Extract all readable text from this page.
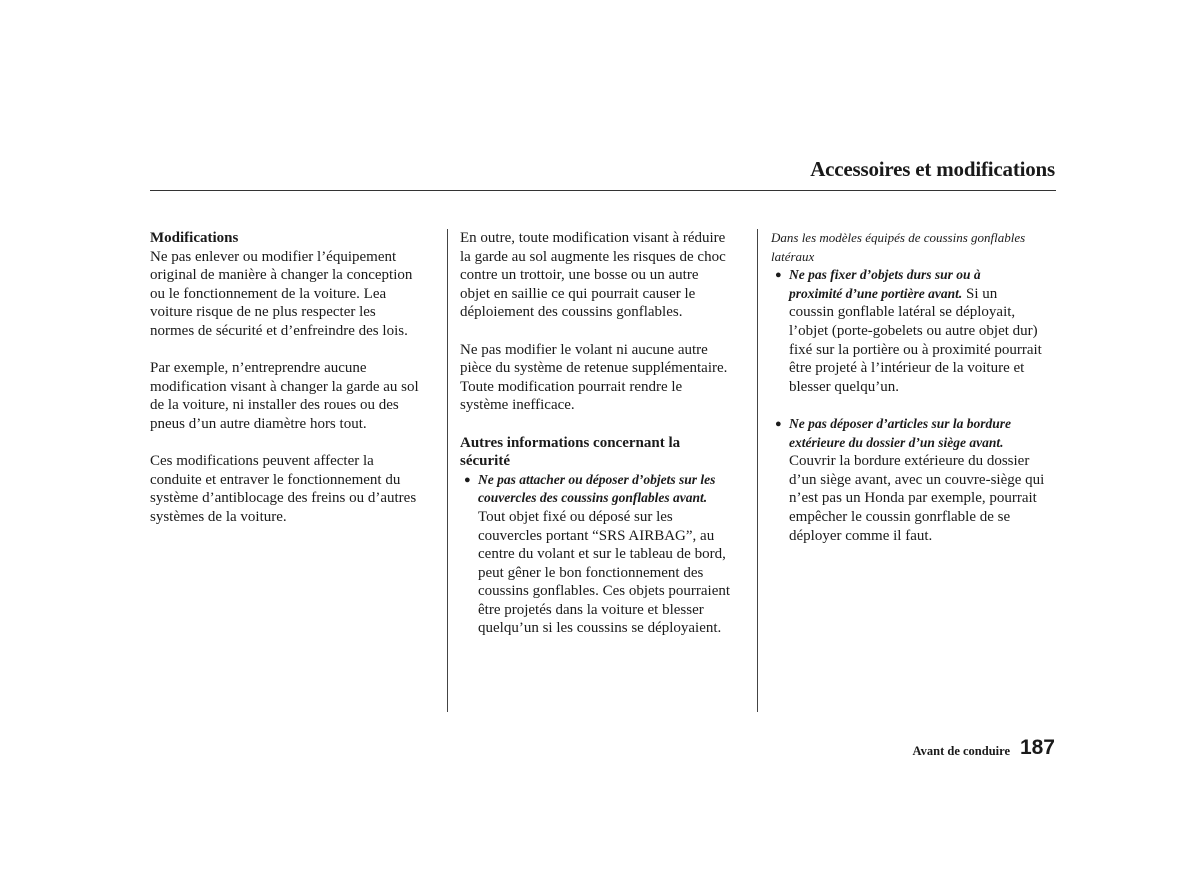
Accessoires et modifications

Modifications

Ne pas enlever ou modifier l’équipement

original de manière à changer la conception

ou le fonctionnement de la voiture. Lea

voiture risque de ne plus respecter les

normes de sécurité et d’enfreindre des lois.

Par exemple, n’entreprendre aucune

modification visant à changer la garde au sol

de la voiture, ni installer des roues ou des

pneus d’un autre diamètre hors tout.

Ces modifications peuvent affecter la

conduite et entraver le fonctionnement du

système d’antiblocage des freins ou d’autres

systèmes de la voiture.

En outre, toute modification visant à réduire

la garde au sol augmente les risques de choc

contre un trottoir, une bosse ou un autre

objet en saillie ce qui pourrait causer le

déploiement des coussins gonflables.

Ne pas modifier le volant ni aucune autre

pièce du système de retenue supplémentaire.

Toute modification pourrait rendre le

système inefficace.

Autres informations concernant la

sécurité

● Ne pas attacher ou déposer d’objets sur les

couvercles des coussins gonflables avant.

Tout objet fixé ou déposé sur les

couvercles portant “SRS AIRBAG”, au

centre du volant et sur le tableau de bord,

peut gêner le bon fonctionnement des

coussins gonflables. Ces objets pourraient

être projetés dans la voiture et blesser

quelqu’un si les coussins se déployaient.

Dans les modèles équipés de coussins gonflables

latéraux

● Ne pas fixer d’objets durs sur ou à

proximité d’une portière avant. Si un

coussin gonflable latéral se déployait,

l’objet (porte-gobelets ou autre objet dur)

fixé sur la portière ou à proximité pourrait

être projeté à l’intérieur de la voiture et

blesser quelqu’un.

● Ne pas déposer d’articles sur la bordure

extérieure du dossier d’un siège avant.

Couvrir la bordure extérieure du dossier

d’un siège avant, avec un couvre-siège qui

n’est pas un Honda par exemple, pourrait

empêcher le coussin gonrflable de se

déployer comme il faut.

Avant de conduire 187
